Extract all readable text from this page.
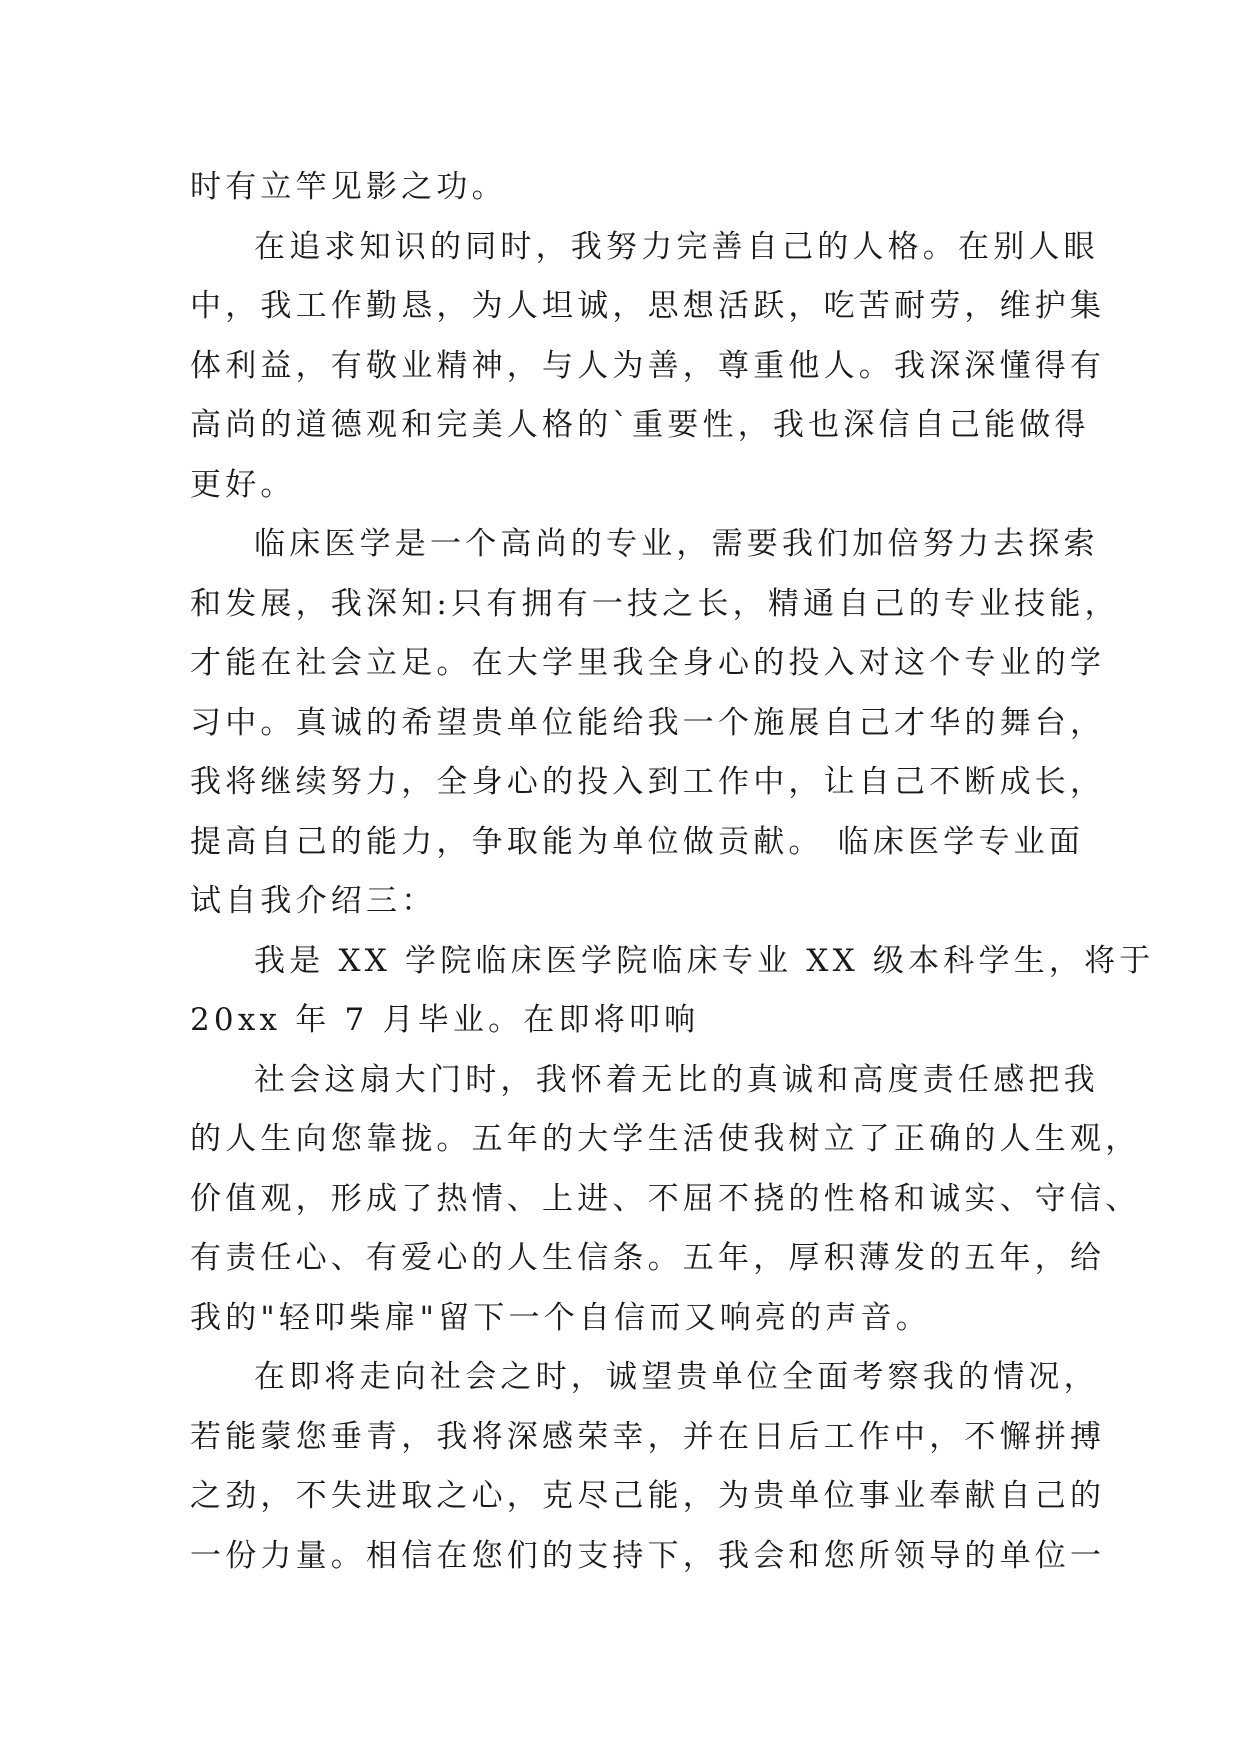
时有立竿见影之功。
在追求知识的同时，我努力完善自己的人格。在别人眼
中，我工作勤恳，为人坦诚，思想活跃，吃苦耐劳，维护集
体利益，有敬业精神，与人为善，尊重他人。我深深懂得有
高尚的道德观和完美人格的`重要性，我也深信自己能做得
更好。
临床医学是一个高尚的专业，需要我们加倍努力去探索
和发展，我深知:只有拥有一技之长，精通自己的专业技能，
才能在社会立足。在大学里我全身心的投入对这个专业的学
习中。真诚的希望贵单位能给我一个施展自己才华的舞台，
我将继续努力，全身心的投入到工作中，让自己不断成长，
提高自己的能力，争取能为单位做贡献。 临床医学专业面
试自我介绍三：
我是 XX 学院临床医学院临床专业 XX 级本科学生，将于
20xx 年 7 月毕业。在即将叩响
社会这扇大门时，我怀着无比的真诚和高度责任感把我
的人生向您靠拢。五年的大学生活使我树立了正确的人生观，
价值观，形成了热情、上进、不屈不挠的性格和诚实、守信、
有责任心、有爱心的人生信条。五年，厚积薄发的五年，给
我的"轻叩柴扉"留下一个自信而又响亮的声音。
在即将走向社会之时，诚望贵单位全面考察我的情况，
若能蒙您垂青，我将深感荣幸，并在日后工作中，不懈拼搏
之劲，不失进取之心，克尽己能，为贵单位事业奉献自己的
一份力量。相信在您们的支持下，我会和您所领导的单位一
